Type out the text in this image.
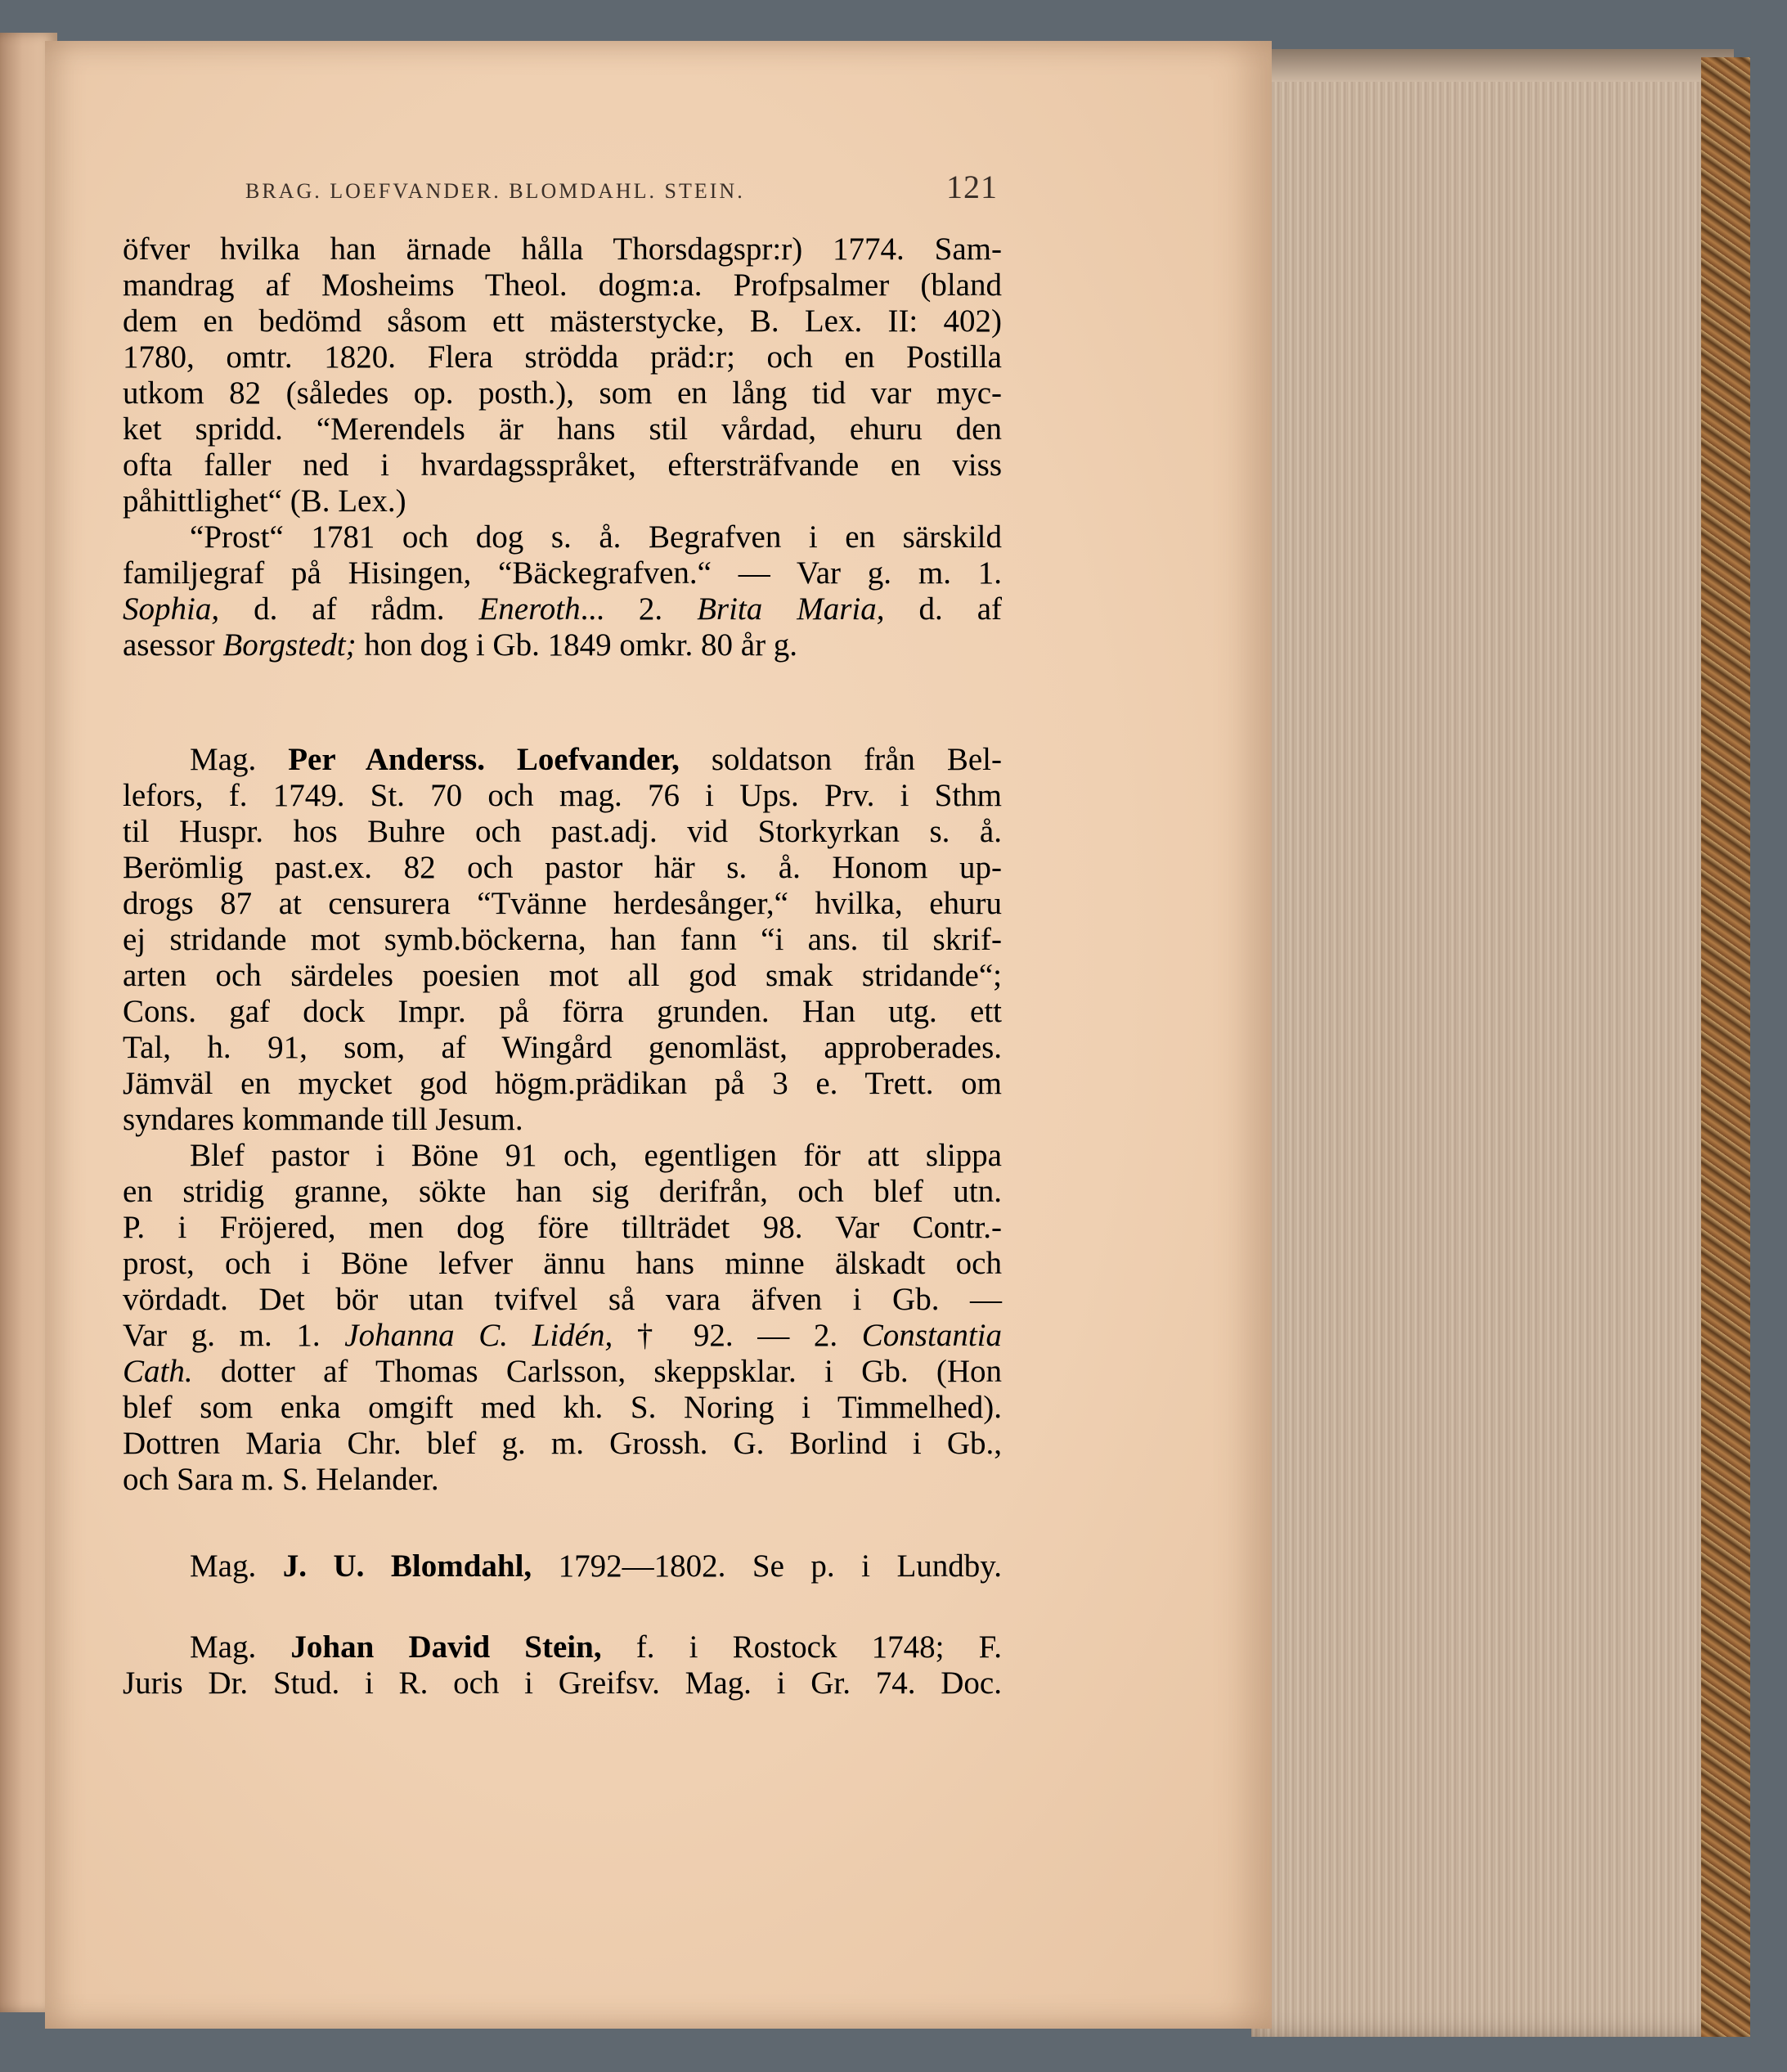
BRAG. LOEFVANDER. BLOMDAHL. STEIN.	121
öfver hvilka han ärnade hålla Thorsdagspr:r) 1774. Sam-
mandrag af Mosheims Theol. dogm:a. Profpsalmer (bland
dem en bedömd såsom ett mästerstycke, B. Lex. II: 402)
1780, omtr. 1820. Flera strödda präd:r; och en Postilla
utkom 82 (således op. posth.), som en lång tid var myc-
ket spridd. “Merendels är hans stil vårdad, ehuru den
ofta faller ned i hvardagsspråket, eftersträfvande en viss
påhittlighet“ (B. Lex.)
“Prost“ 1781 och dog s. å. Begrafven i en särskild
familjegraf på Hisingen, “Bäckegrafven.“ — Var g. m. 1.
Sophia, d. af rådm. Eneroth... 2. Brita Maria, d. af
asessor Borgstedt; hon dog i Gb. 1849 omkr. 80 år g.
Mag. Per Anderss. Loefvander, soldatson från Bel-
lefors, f. 1749. St. 70 och mag. 76 i Ups. Prv. i Sthm
til Huspr. hos Buhre och past.adj. vid Storkyrkan s. å.
Berömlig past.ex. 82 och pastor här s. å. Honom up-
drogs 87 at censurera “Tvänne herdesånger,“ hvilka, ehuru
ej stridande mot symb.böckerna, han fann “i ans. til skrif-
arten och särdeles poesien mot all god smak stridande“;
Cons. gaf dock Impr. på förra grunden. Han utg. ett
Tal, h. 91, som, af Wingård genomläst, approberades.
Jämväl en mycket god högm.prädikan på 3 e. Trett. om
syndares kommande till Jesum.
Blef pastor i Böne 91 och, egentligen för att slippa
en stridig granne, sökte han sig derifrån, och blef utn.
P. i Fröjered, men dog före tillträdet 98. Var Contr.-
prost, och i Böne lefver ännu hans minne älskadt och
vördadt. Det bör utan tvifvel så vara äfven i Gb. —
Var g. m. 1. Johanna C. Lidén, † 92. — 2. Constantia
Cath. dotter af Thomas Carlsson, skeppsklar. i Gb. (Hon
blef som enka omgift med kh. S. Noring i Timmelhed).
Dottren Maria Chr. blef g. m. Grossh. G. Borlind i Gb.,
och Sara m. S. Helander.
Mag. J. U. Blomdahl, 1792—1802. Se p. i Lundby.
Mag. Johan David Stein, f. i Rostock 1748; F.
Juris Dr. Stud. i R. och i Greifsv. Mag. i Gr. 74. Doc.
